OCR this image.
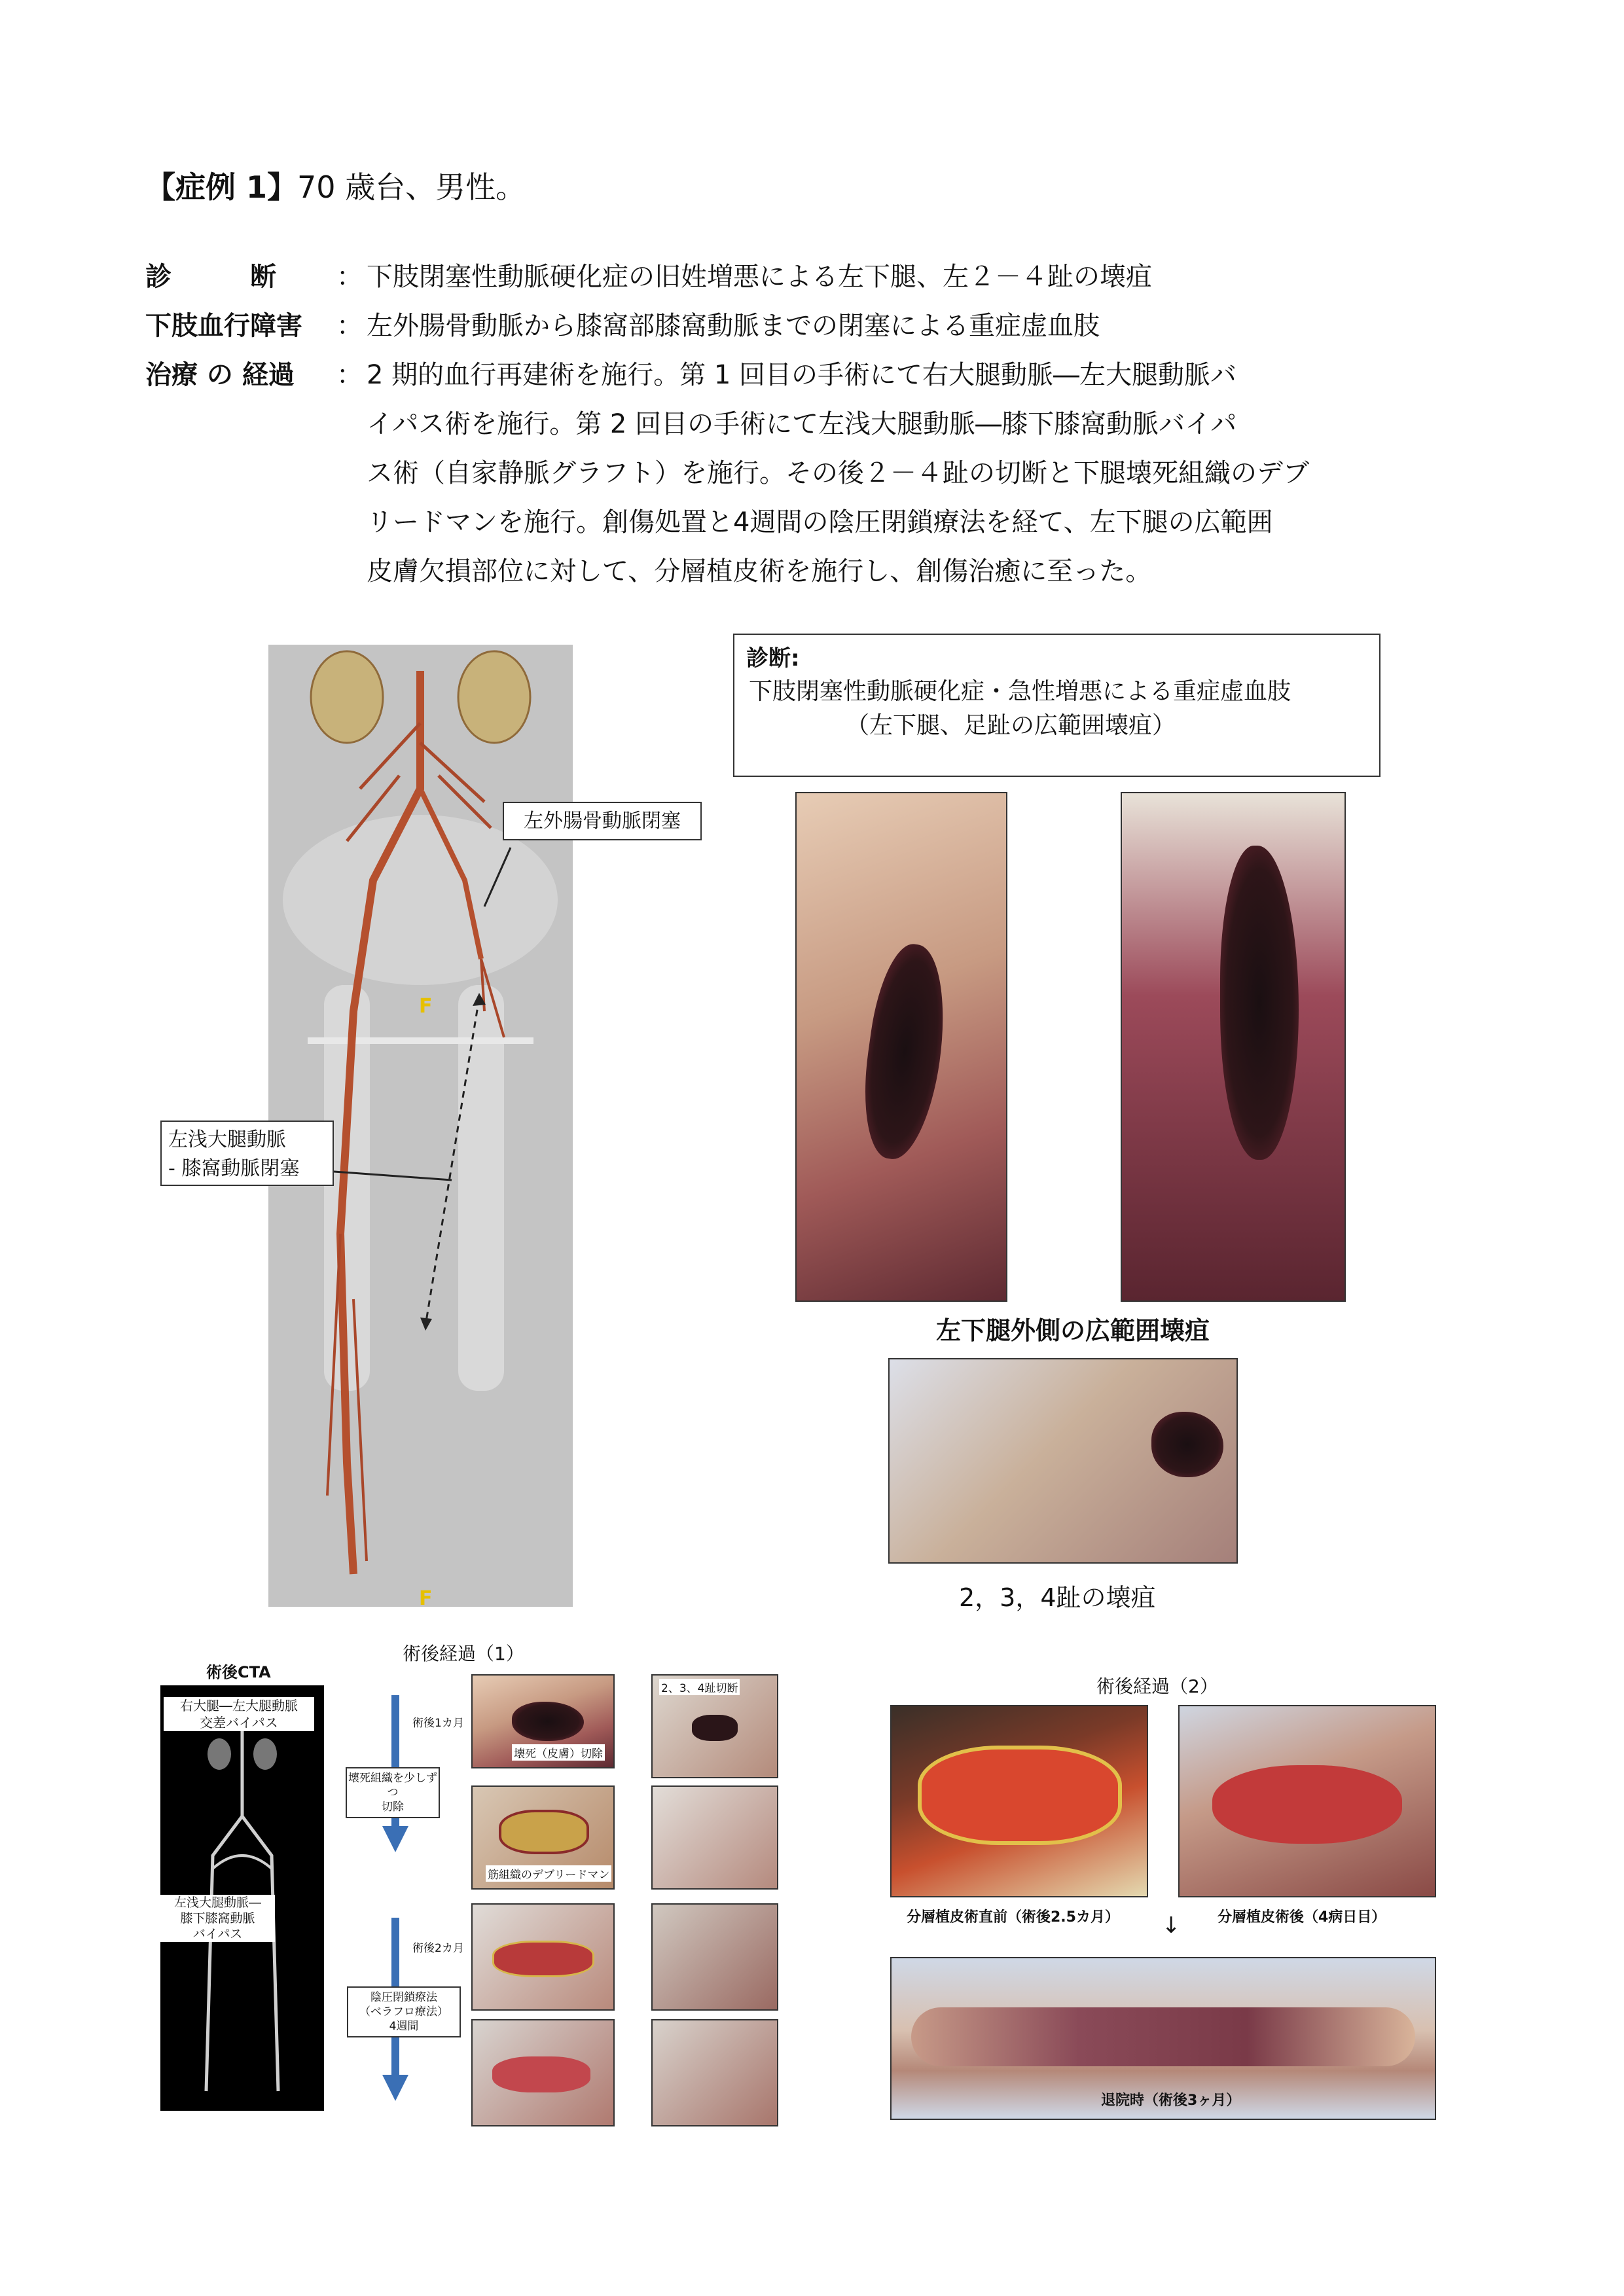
【症例 1】70 歳台、男性。
診　　　断	： 下肢閉塞性動脈硬化症の旧姓増悪による左下腿、左２－４趾の壊疽
下肢血行障害	： 左外腸骨動脈から膝窩部膝窩動脈までの閉塞による重症虚血肢
治療 の 経過	： 2 期的血行再建術を施行。第 1 回目の手術にて右大腿動脈―左大腿動脈バ
イパス術を施行。第 2 回目の手術にて左浅大腿動脈―膝下膝窩動脈バイパ
ス術（自家静脈グラフト）を施行。その後２－４趾の切断と下腿壊死組織のデブ
リードマンを施行。創傷処置と4週間の陰圧閉鎖療法を経て、左下腿の広範囲
皮膚欠損部位に対して、分層植皮術を施行し、創傷治癒に至った。
F
F
左外腸骨動脈閉塞
左浅大腿動脈
- 膝窩動脈閉塞
診断:
下肢閉塞性動脈硬化症・急性増悪による重症虚血肢
（左下腿、足趾の広範囲壊疽）
左下腿外側の広範囲壊疽
2，3，4趾の壊疽
術後CTA
右大腿―左大腿動脈
交差バイパス
左浅大腿動脈―
膝下膝窩動脈
バイパス
術後経過（1）
術後1カ月
壊死組織を少しずつ
切除
術後2カ月
陰圧閉鎖療法
（ベラフロ療法）
4週間
壊死（皮膚）切除
筋組織のデブリードマン
2、3、4趾切断	術後経過（2）
分層植皮術直前（術後2.5カ月）	分層植皮術後（4病日目）
↓
退院時（術後3ヶ月）
